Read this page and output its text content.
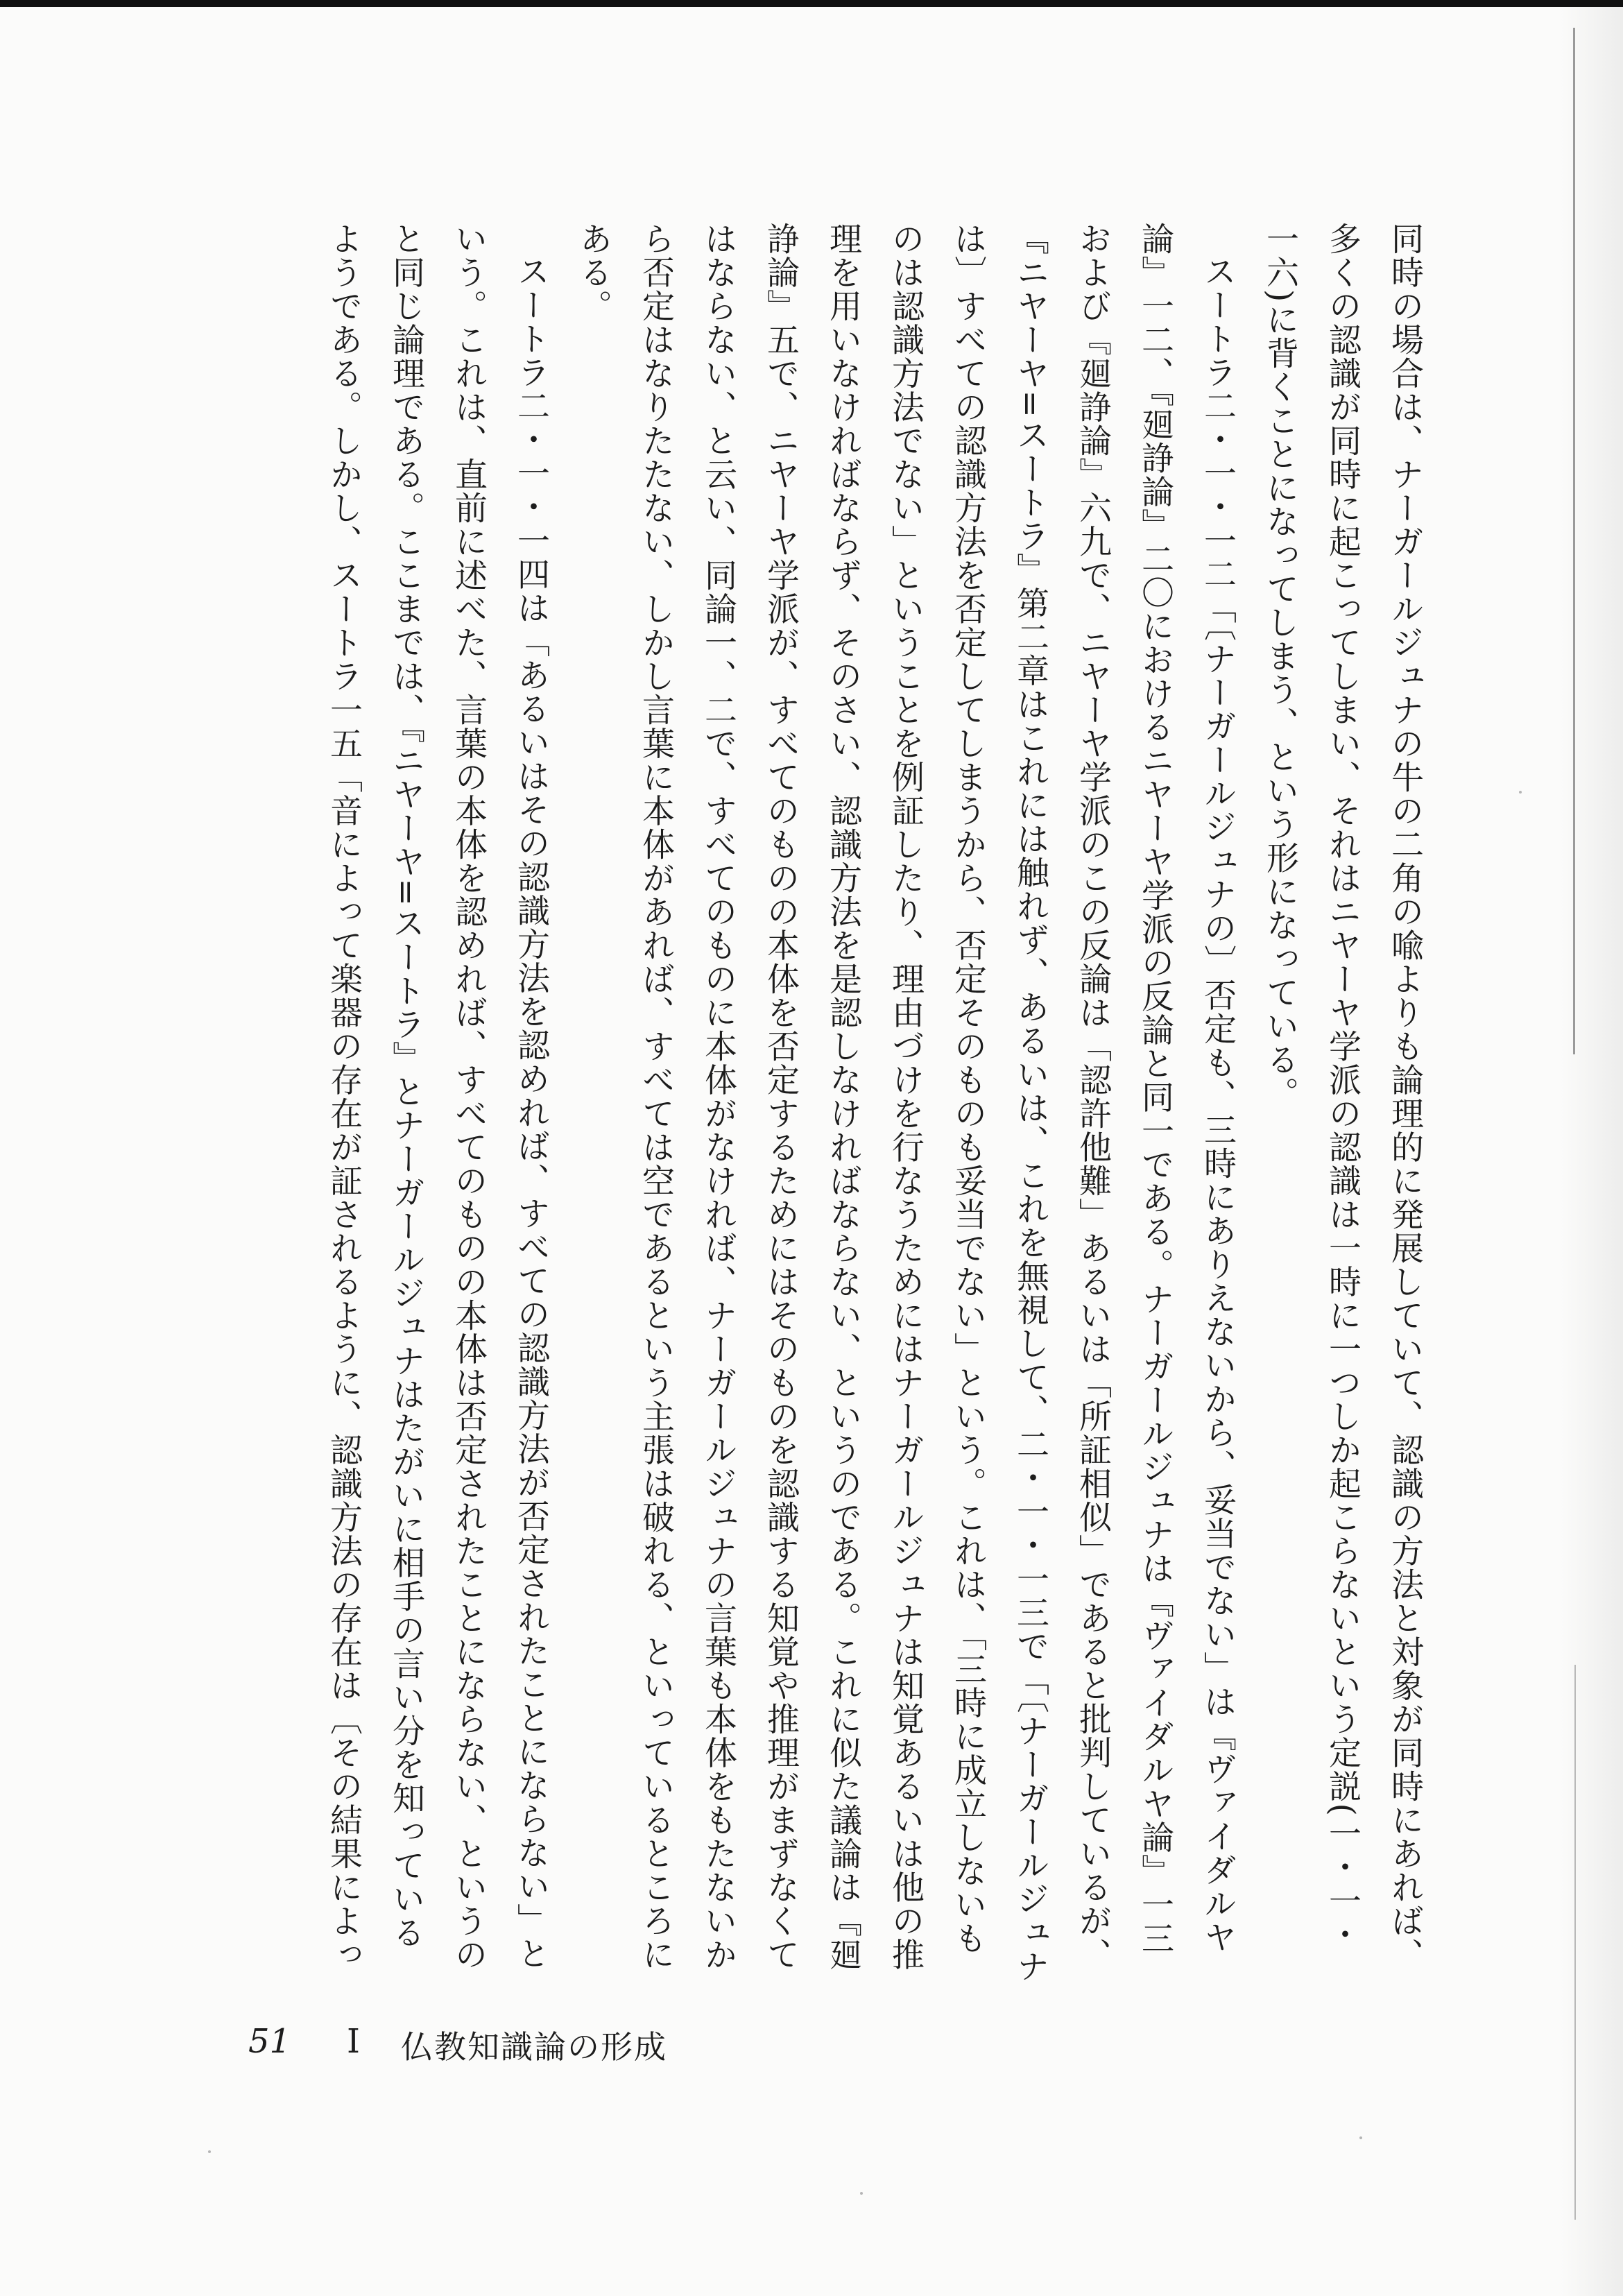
同時の場合は、ナーガールジュナの牛の二角の喩よりも論理的に発展していて、認識の方法と対象が同時にあれば、

多くの認識が同時に起こってしまい、それはニヤーヤ学派の認識は一時に一つしか起こらないという定説(一・一・

一六)に背くことになってしまう、という形になっている。

スートラ二・一・一二「〔ナーガールジュナの〕否定も、三時にありえないから、妥当でない」は『ヴァイダルヤ

論』一二、『廻諍論』二〇におけるニヤーヤ学派の反論と同一である。ナーガールジュナは『ヴァイダルヤ論』一三

および『廻諍論』六九で、ニヤーヤ学派のこの反論は「認許他難」あるいは「所証相似」であると批判しているが、

『ニヤーヤ=スートラ』第二章はこれには触れず、あるいは、これを無視して、二・一・一三で「〔ナーガールジュナ

は〕すべての認識方法を否定してしまうから、否定そのものも妥当でない」という。これは、「三時に成立しないも

のは認識方法でない」ということを例証したり、理由づけを行なうためにはナーガールジュナは知覚あるいは他の推

理を用いなければならず、そのさい、認識方法を是認しなければならない、というのである。これに似た議論は『廻

諍論』五で、ニヤーヤ学派が、すべてのものの本体を否定するためにはそのものを認識する知覚や推理がまずなくて

はならない、と云い、同論一、二で、すべてのものに本体がなければ、ナーガールジュナの言葉も本体をもたないか

ら否定はなりたたない、しかし言葉に本体があれば、すべては空であるという主張は破れる、といっているところに

ある。

スートラ二・一・一四は「あるいはその認識方法を認めれば、すべての認識方法が否定されたことにならない」と

いう。これは、直前に述べた、言葉の本体を認めれば、すべてのものの本体は否定されたことにならない、というの

と同じ論理である。ここまでは、『ニヤーヤ=スートラ』とナーガールジュナはたがいに相手の言い分を知っている

ようである。しかし、スートラ一五「音によって楽器の存在が証されるように、認識方法の存在は〔その結果によっ

51 I 仏教知識論の形成
